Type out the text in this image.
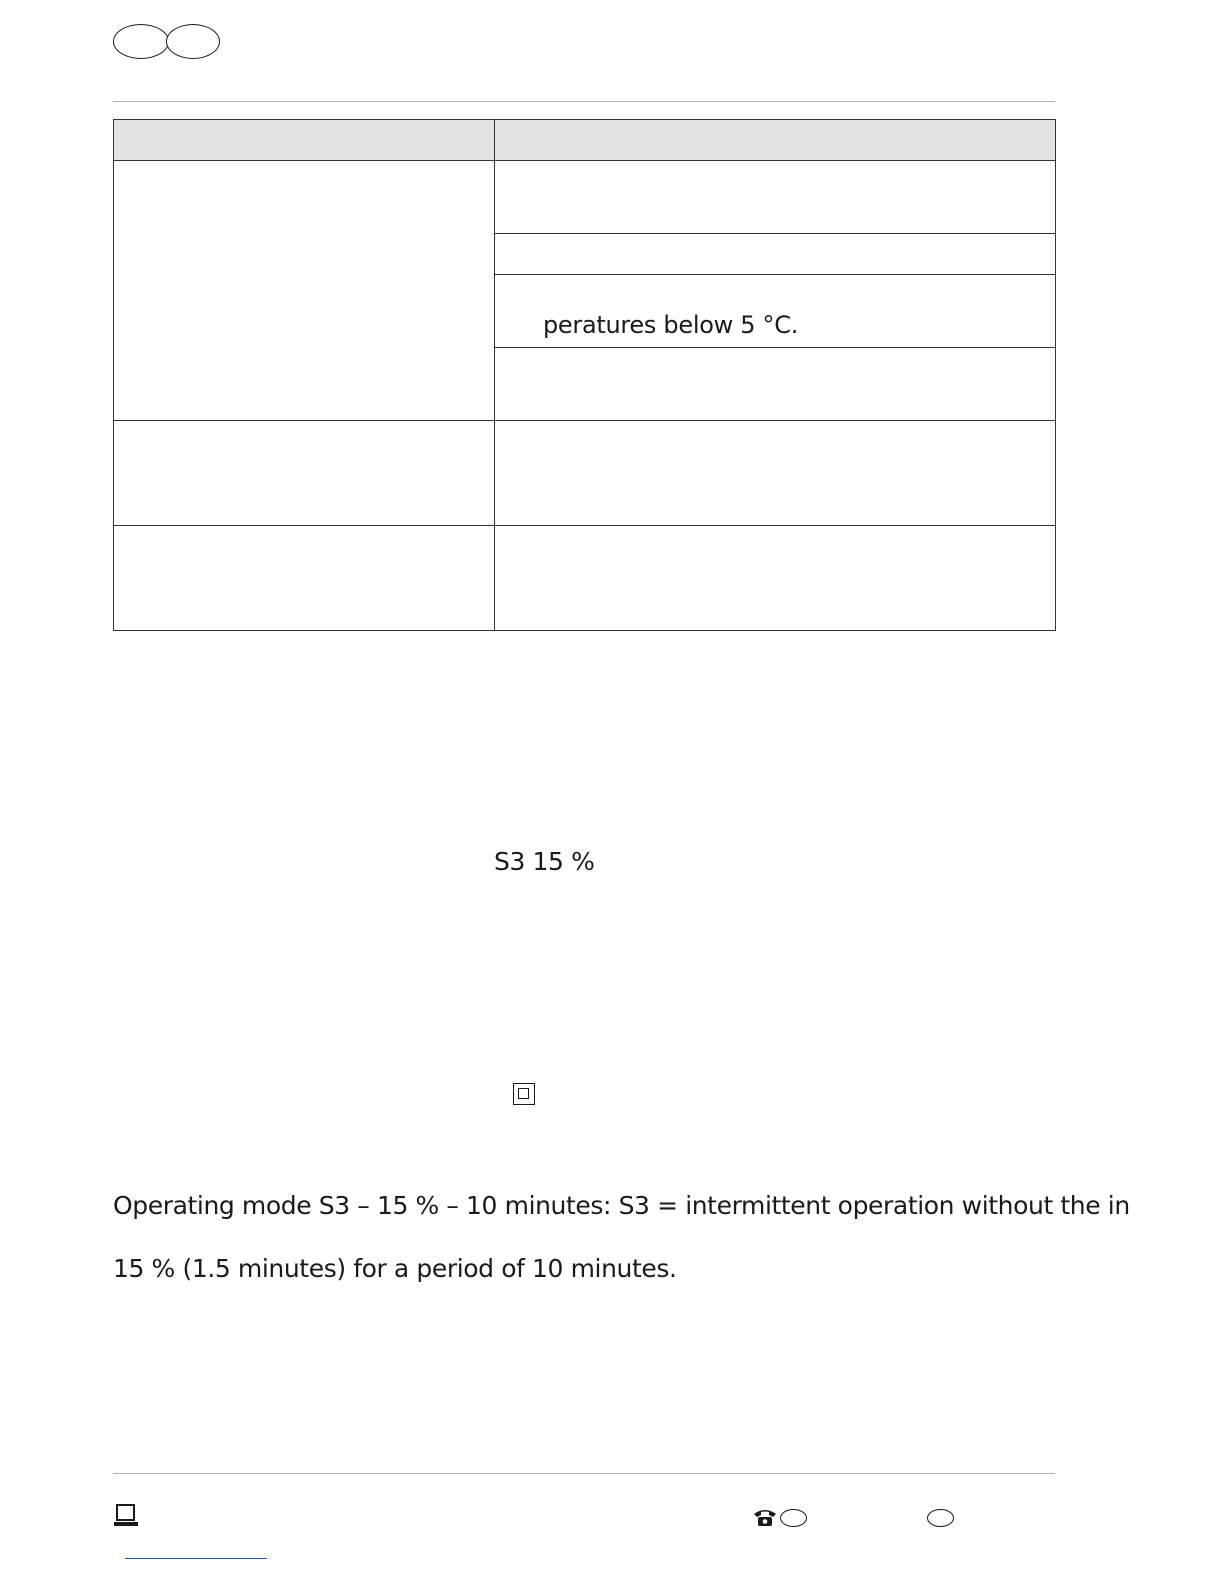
	peratures below 5 °C.

S3 15 %
Operating mode S3 – 15 % – 10 minutes: S3 = intermittent operation without the in
15 % (1.5 minutes) for a period of 10 minutes.
